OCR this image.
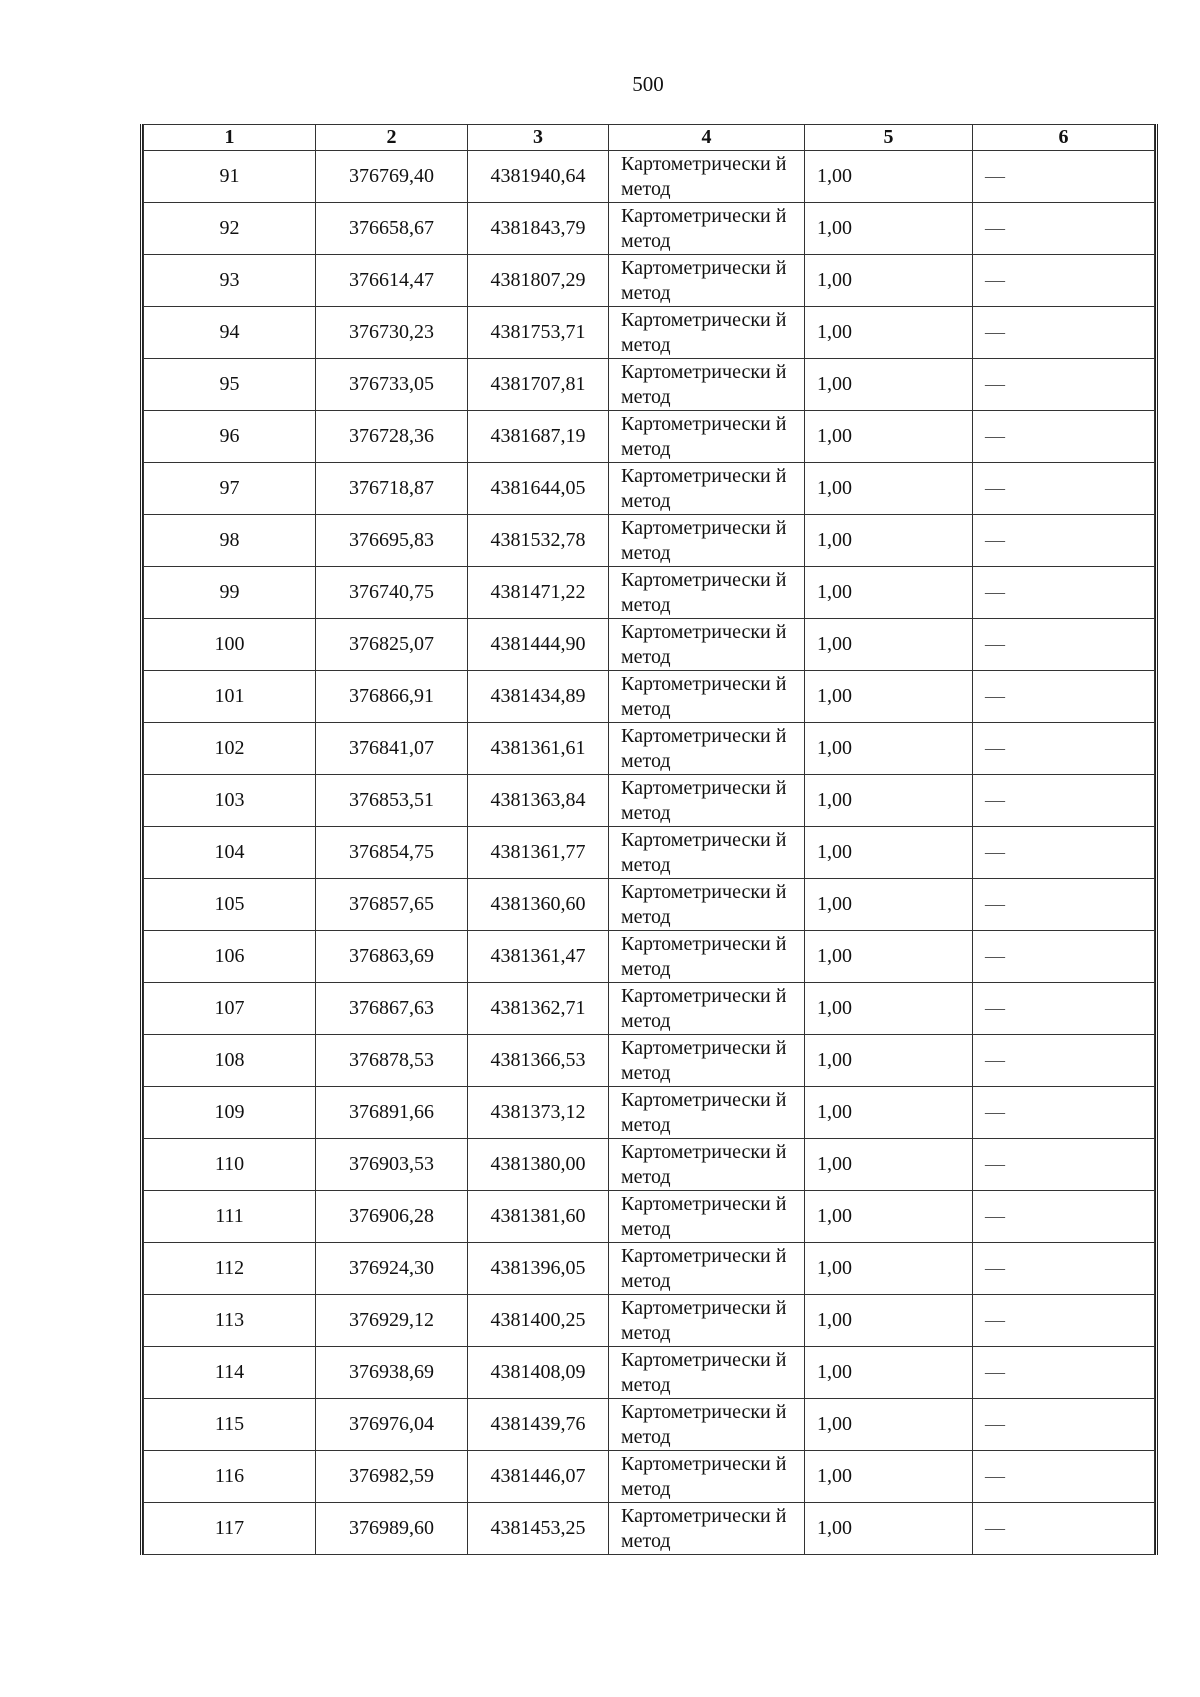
500
1	2	3	4	5	6
91	376769,40	4381940,64	Картометрически й метод	1,00	—
92	376658,67	4381843,79	Картометрически й метод	1,00	—
93	376614,47	4381807,29	Картометрически й метод	1,00	—
94	376730,23	4381753,71	Картометрически й метод	1,00	—
95	376733,05	4381707,81	Картометрически й метод	1,00	—
96	376728,36	4381687,19	Картометрически й метод	1,00	—
97	376718,87	4381644,05	Картометрически й метод	1,00	—
98	376695,83	4381532,78	Картометрически й метод	1,00	—
99	376740,75	4381471,22	Картометрически й метод	1,00	—
100	376825,07	4381444,90	Картометрически й метод	1,00	—
101	376866,91	4381434,89	Картометрически й метод	1,00	—
102	376841,07	4381361,61	Картометрически й метод	1,00	—
103	376853,51	4381363,84	Картометрически й метод	1,00	—
104	376854,75	4381361,77	Картометрически й метод	1,00	—
105	376857,65	4381360,60	Картометрически й метод	1,00	—
106	376863,69	4381361,47	Картометрически й метод	1,00	—
107	376867,63	4381362,71	Картометрически й метод	1,00	—
108	376878,53	4381366,53	Картометрически й метод	1,00	—
109	376891,66	4381373,12	Картометрически й метод	1,00	—
110	376903,53	4381380,00	Картометрически й метод	1,00	—
111	376906,28	4381381,60	Картометрически й метод	1,00	—
112	376924,30	4381396,05	Картометрически й метод	1,00	—
113	376929,12	4381400,25	Картометрически й метод	1,00	—
114	376938,69	4381408,09	Картометрически й метод	1,00	—
115	376976,04	4381439,76	Картометрически й метод	1,00	—
116	376982,59	4381446,07	Картометрически й метод	1,00	—
117	376989,60	4381453,25	Картометрически й метод	1,00	—
